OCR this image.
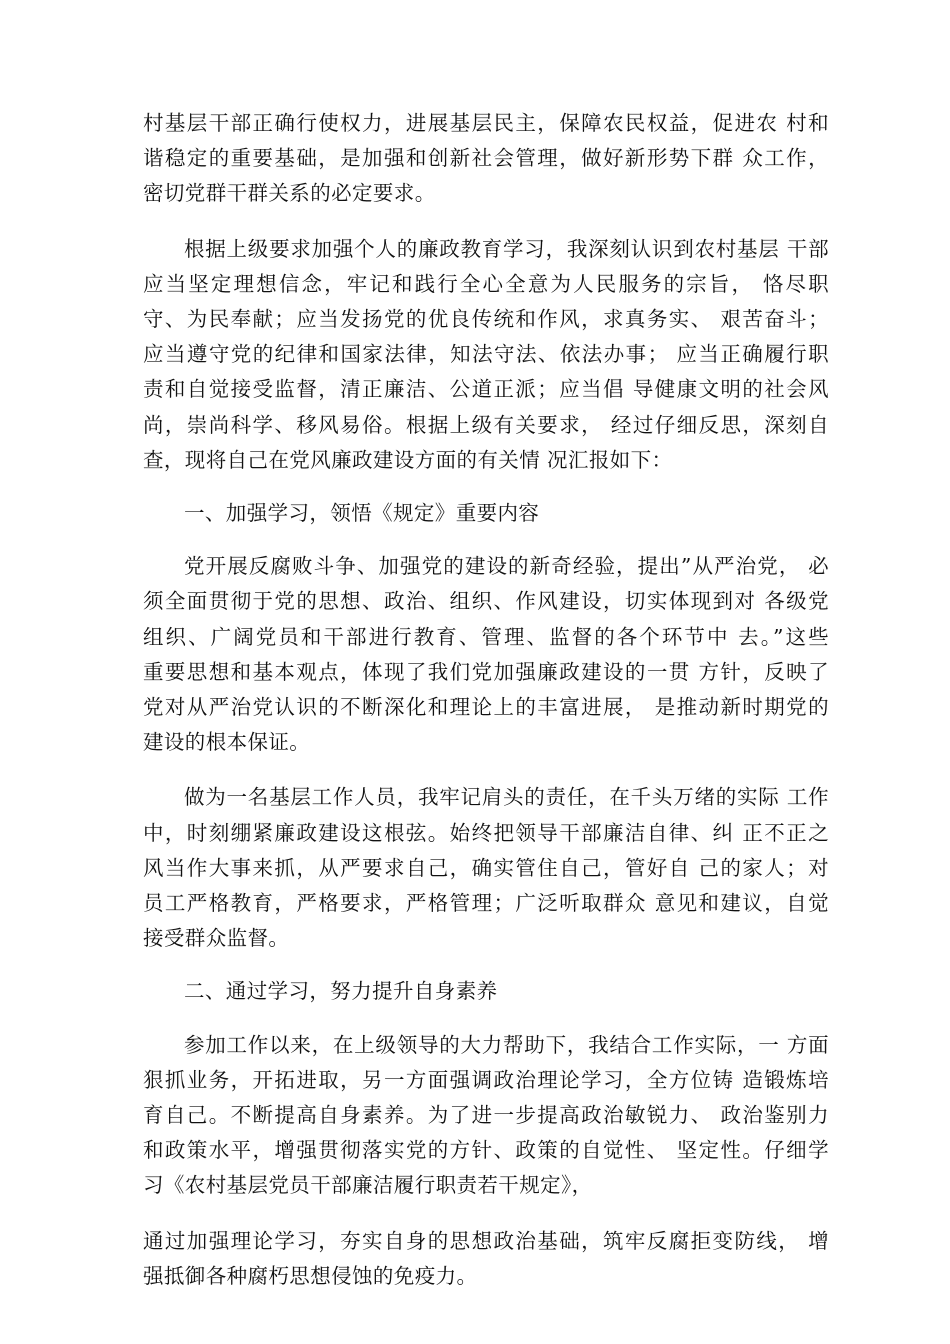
村基层干部正确行使权力，进展基层民主，保障农民权益，促进农 村和
谐稳定的重要基础，是加强和创新社会管理，做好新形势下群 众工作，
密切党群干群关系的必定要求。

根据上级要求加强个人的廉政教育学习，我深刻认识到农村基层 干部
应当坚定理想信念，牢记和践行全心全意为人民服务的宗旨， 恪尽职
守、为民奉献；应当发扬党的优良传统和作风，求真务实、 艰苦奋斗；
应当遵守党的纪律和国家法律，知法守法、依法办事； 应当正确履行职
责和自觉接受监督，清正廉洁、公道正派；应当倡 导健康文明的社会风
尚，崇尚科学、移风易俗。根据上级有关要求， 经过仔细反思，深刻自
查，现将自己在党风廉政建设方面的有关情 况汇报如下：

一、加强学习，领悟《规定》重要内容

党开展反腐败斗争、加强党的建设的新奇经验，提出”从严治党， 必
须全面贯彻于党的思想、政治、组织、作风建设，切实体现到对 各级党
组织、广阔党员和干部进行教育、管理、监督的各个环节中 去。”这些
重要思想和基本观点，体现了我们党加强廉政建设的一贯 方针，反映了
党对从严治党认识的不断深化和理论上的丰富进展， 是推动新时期党的
建设的根本保证。

做为一名基层工作人员，我牢记肩头的责任，在千头万绪的实际 工作
中，时刻绷紧廉政建设这根弦。始终把领导干部廉洁自律、纠 正不正之
风当作大事来抓，从严要求自己，确实管住自己，管好自 己的家人；对
员工严格教育，严格要求，严格管理；广泛听取群众 意见和建议，自觉
接受群众监督。

二、通过学习，努力提升自身素养

参加工作以来，在上级领导的大力帮助下，我结合工作实际，一 方面
狠抓业务，开拓进取，另一方面强调政治理论学习，全方位铸 造锻炼培
育自己。不断提高自身素养。为了进一步提高政治敏锐力、 政治鉴别力
和政策水平，增强贯彻落实党的方针、政策的自觉性、 坚定性。仔细学
习《农村基层党员干部廉洁履行职责若干规定》，

通过加强理论学习，夯实自身的思想政治基础，筑牢反腐拒变防线， 增
强抵御各种腐朽思想侵蚀的免疫力。
